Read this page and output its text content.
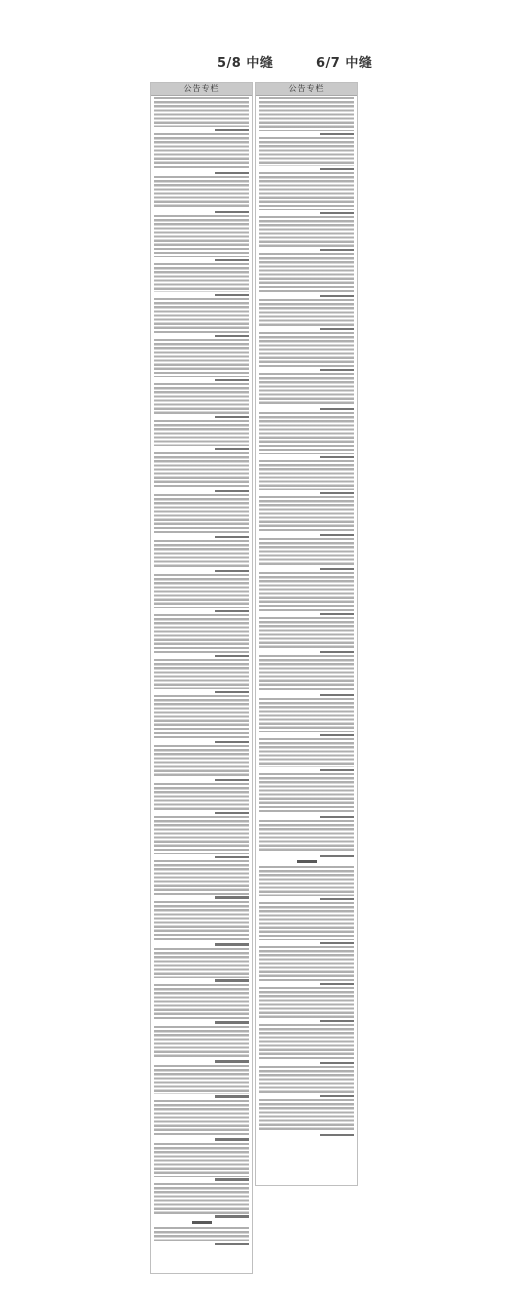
5/8 中缝	6/7 中缝
公告专栏	公告专栏
